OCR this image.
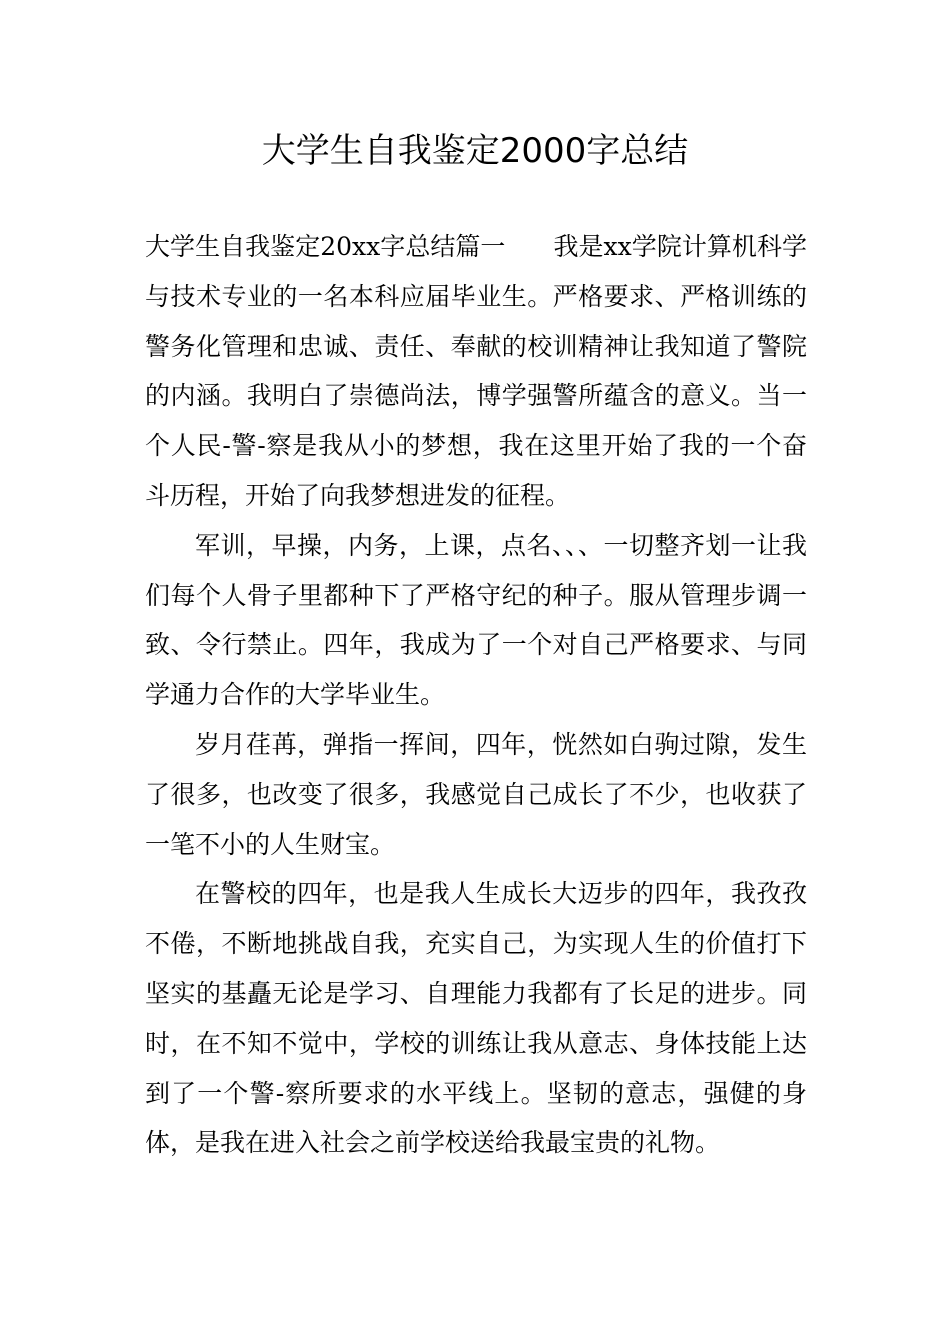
大学生自我鉴定2000字总结

大学生自我鉴定20xx字总结篇一 我是xx学院计算机科学与技术专业的一名本科应届毕业生。严格要求、严格训练的警务化管理和忠诚、责任、奉献的校训精神让我知道了警院的内涵。我明白了崇德尚法，博学强警所蕴含的意义。当一个人民-警-察是我从小的梦想，我在这里开始了我的一个奋斗历程，开始了向我梦想进发的征程。

军训，早操，内务，上课，点名、、、一切整齐划一让我们每个人骨子里都种下了严格守纪的种子。服从管理步调一致、令行禁止。四年，我成为了一个对自己严格要求、与同学通力合作的大学毕业生。

岁月荏苒，弹指一挥间，四年，恍然如白驹过隙，发生了很多，也改变了很多，我感觉自己成长了不少，也收获了一笔不小的人生财宝。

在警校的四年，也是我人生成长大迈步的四年，我孜孜不倦，不断地挑战自我，充实自己，为实现人生的价值打下坚实的基矗无论是学习、自理能力我都有了长足的进步。同时，在不知不觉中，学校的训练让我从意志、身体技能上达到了一个警-察所要求的水平线上。坚韧的意志，强健的身体，是我在进入社会之前学校送给我最宝贵的礼物。
